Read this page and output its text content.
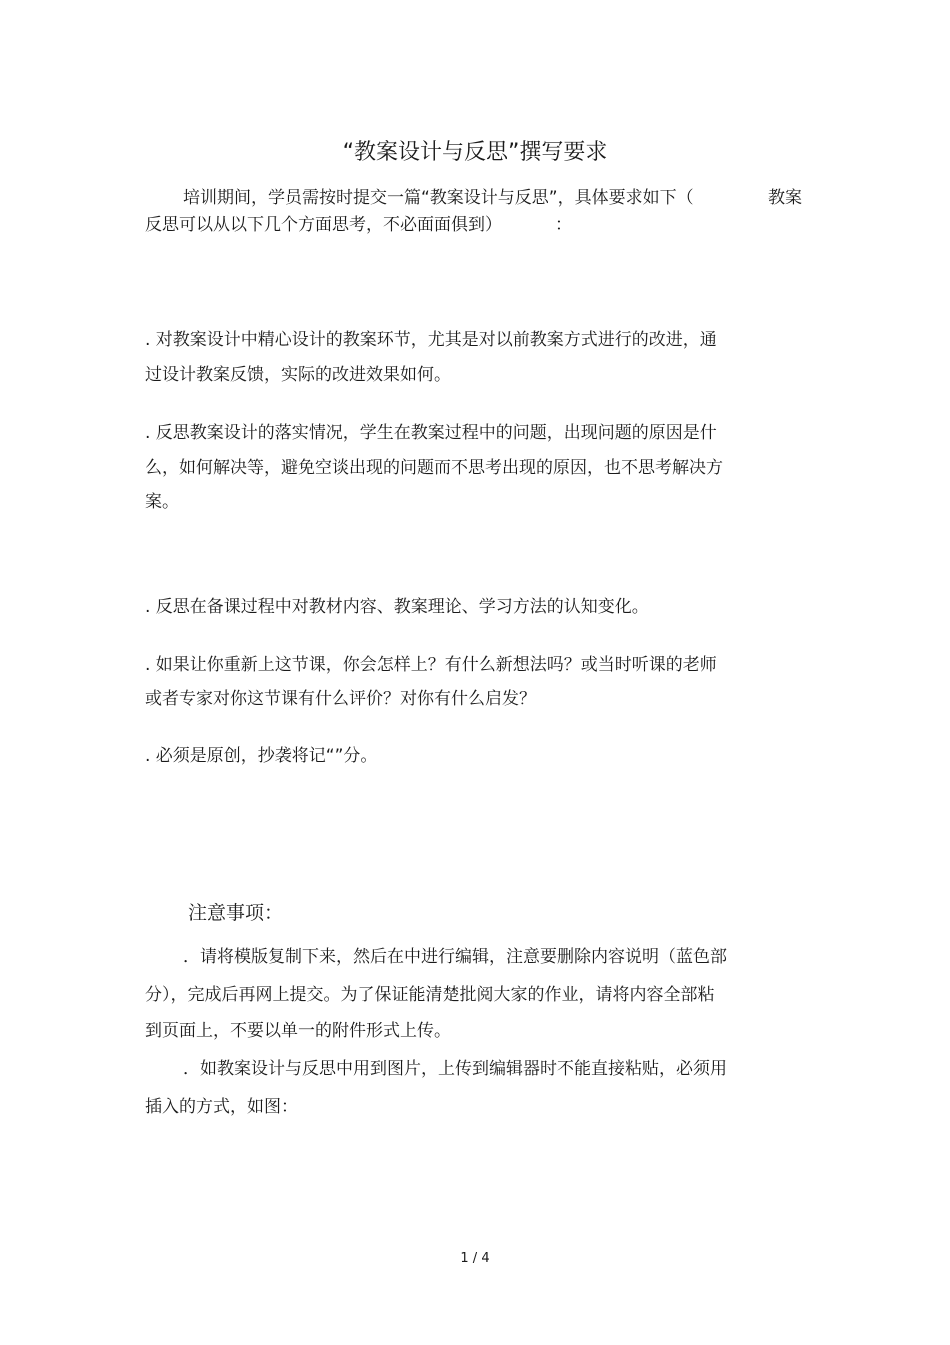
“教案设计与反思”撰写要求
培训期间，学员需按时提交一篇“教案设计与反思”，具体要求如下（	教案
反思可以从以下几个方面思考，不必面面俱到）	：
. 对教案设计中精心设计的教案环节，尤其是对以前教案方式进行的改进，通
过设计教案反馈，实际的改进效果如何。
. 反思教案设计的落实情况，学生在教案过程中的问题，出现问题的原因是什
么，如何解决等，避免空谈出现的问题而不思考出现的原因，也不思考解决方
案。
. 反思在备课过程中对教材内容、教案理论、学习方法的认知变化。
. 如果让你重新上这节课，你会怎样上？有什么新想法吗？或当时听课的老师
或者专家对你这节课有什么评价？对你有什么启发？
. 必须是原创，抄袭将记“”分。
注意事项：
．请将模版复制下来，然后在中进行编辑，注意要删除内容说明（蓝色部
分），完成后再网上提交。为了保证能清楚批阅大家的作业，请将内容全部粘
到页面上，不要以单一的附件形式上传。
．如教案设计与反思中用到图片，上传到编辑器时不能直接粘贴，必须用
插入的方式，如图：
1 / 4
